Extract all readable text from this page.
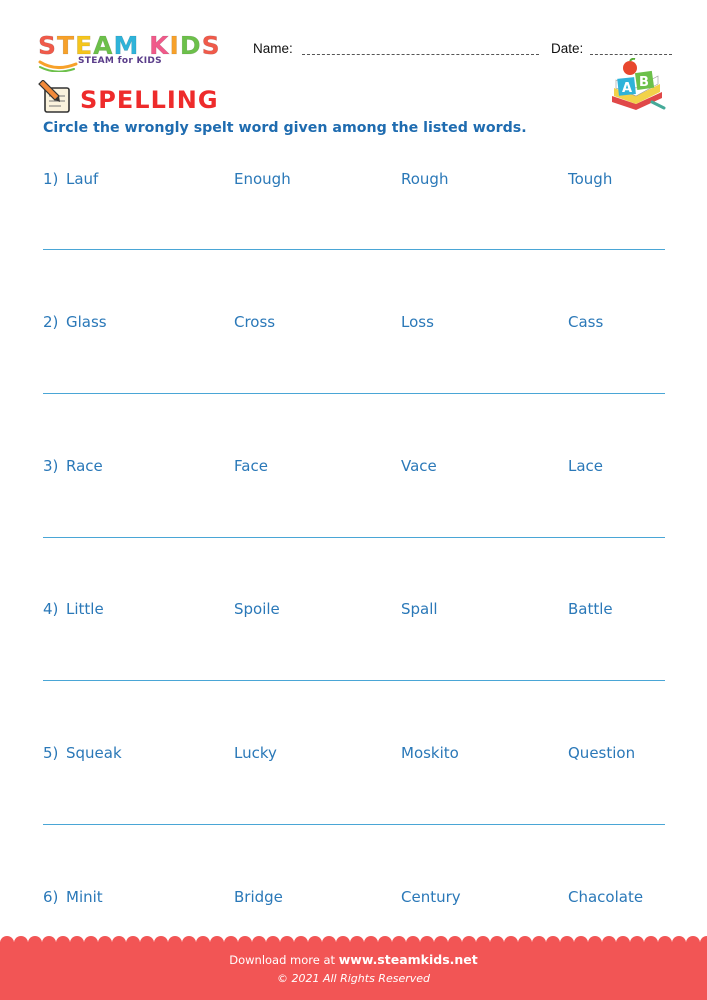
STEAM KIDS
STEAM for KIDS
Name:	Date:
A B
SPELLING
Circle the wrongly spelt word given among the listed words.
1) Lauf	Enough	Rough	Tough
2) Glass	Cross	Loss	Cass
3) Race	Face	Vace	Lace
4) Little	Spoile	Spall	Battle
5) Squeak	Lucky	Moskito	Question
6) Minit	Bridge	Century	Chacolate
Download more at www.steamkids.net
© 2021 All Rights Reserved
